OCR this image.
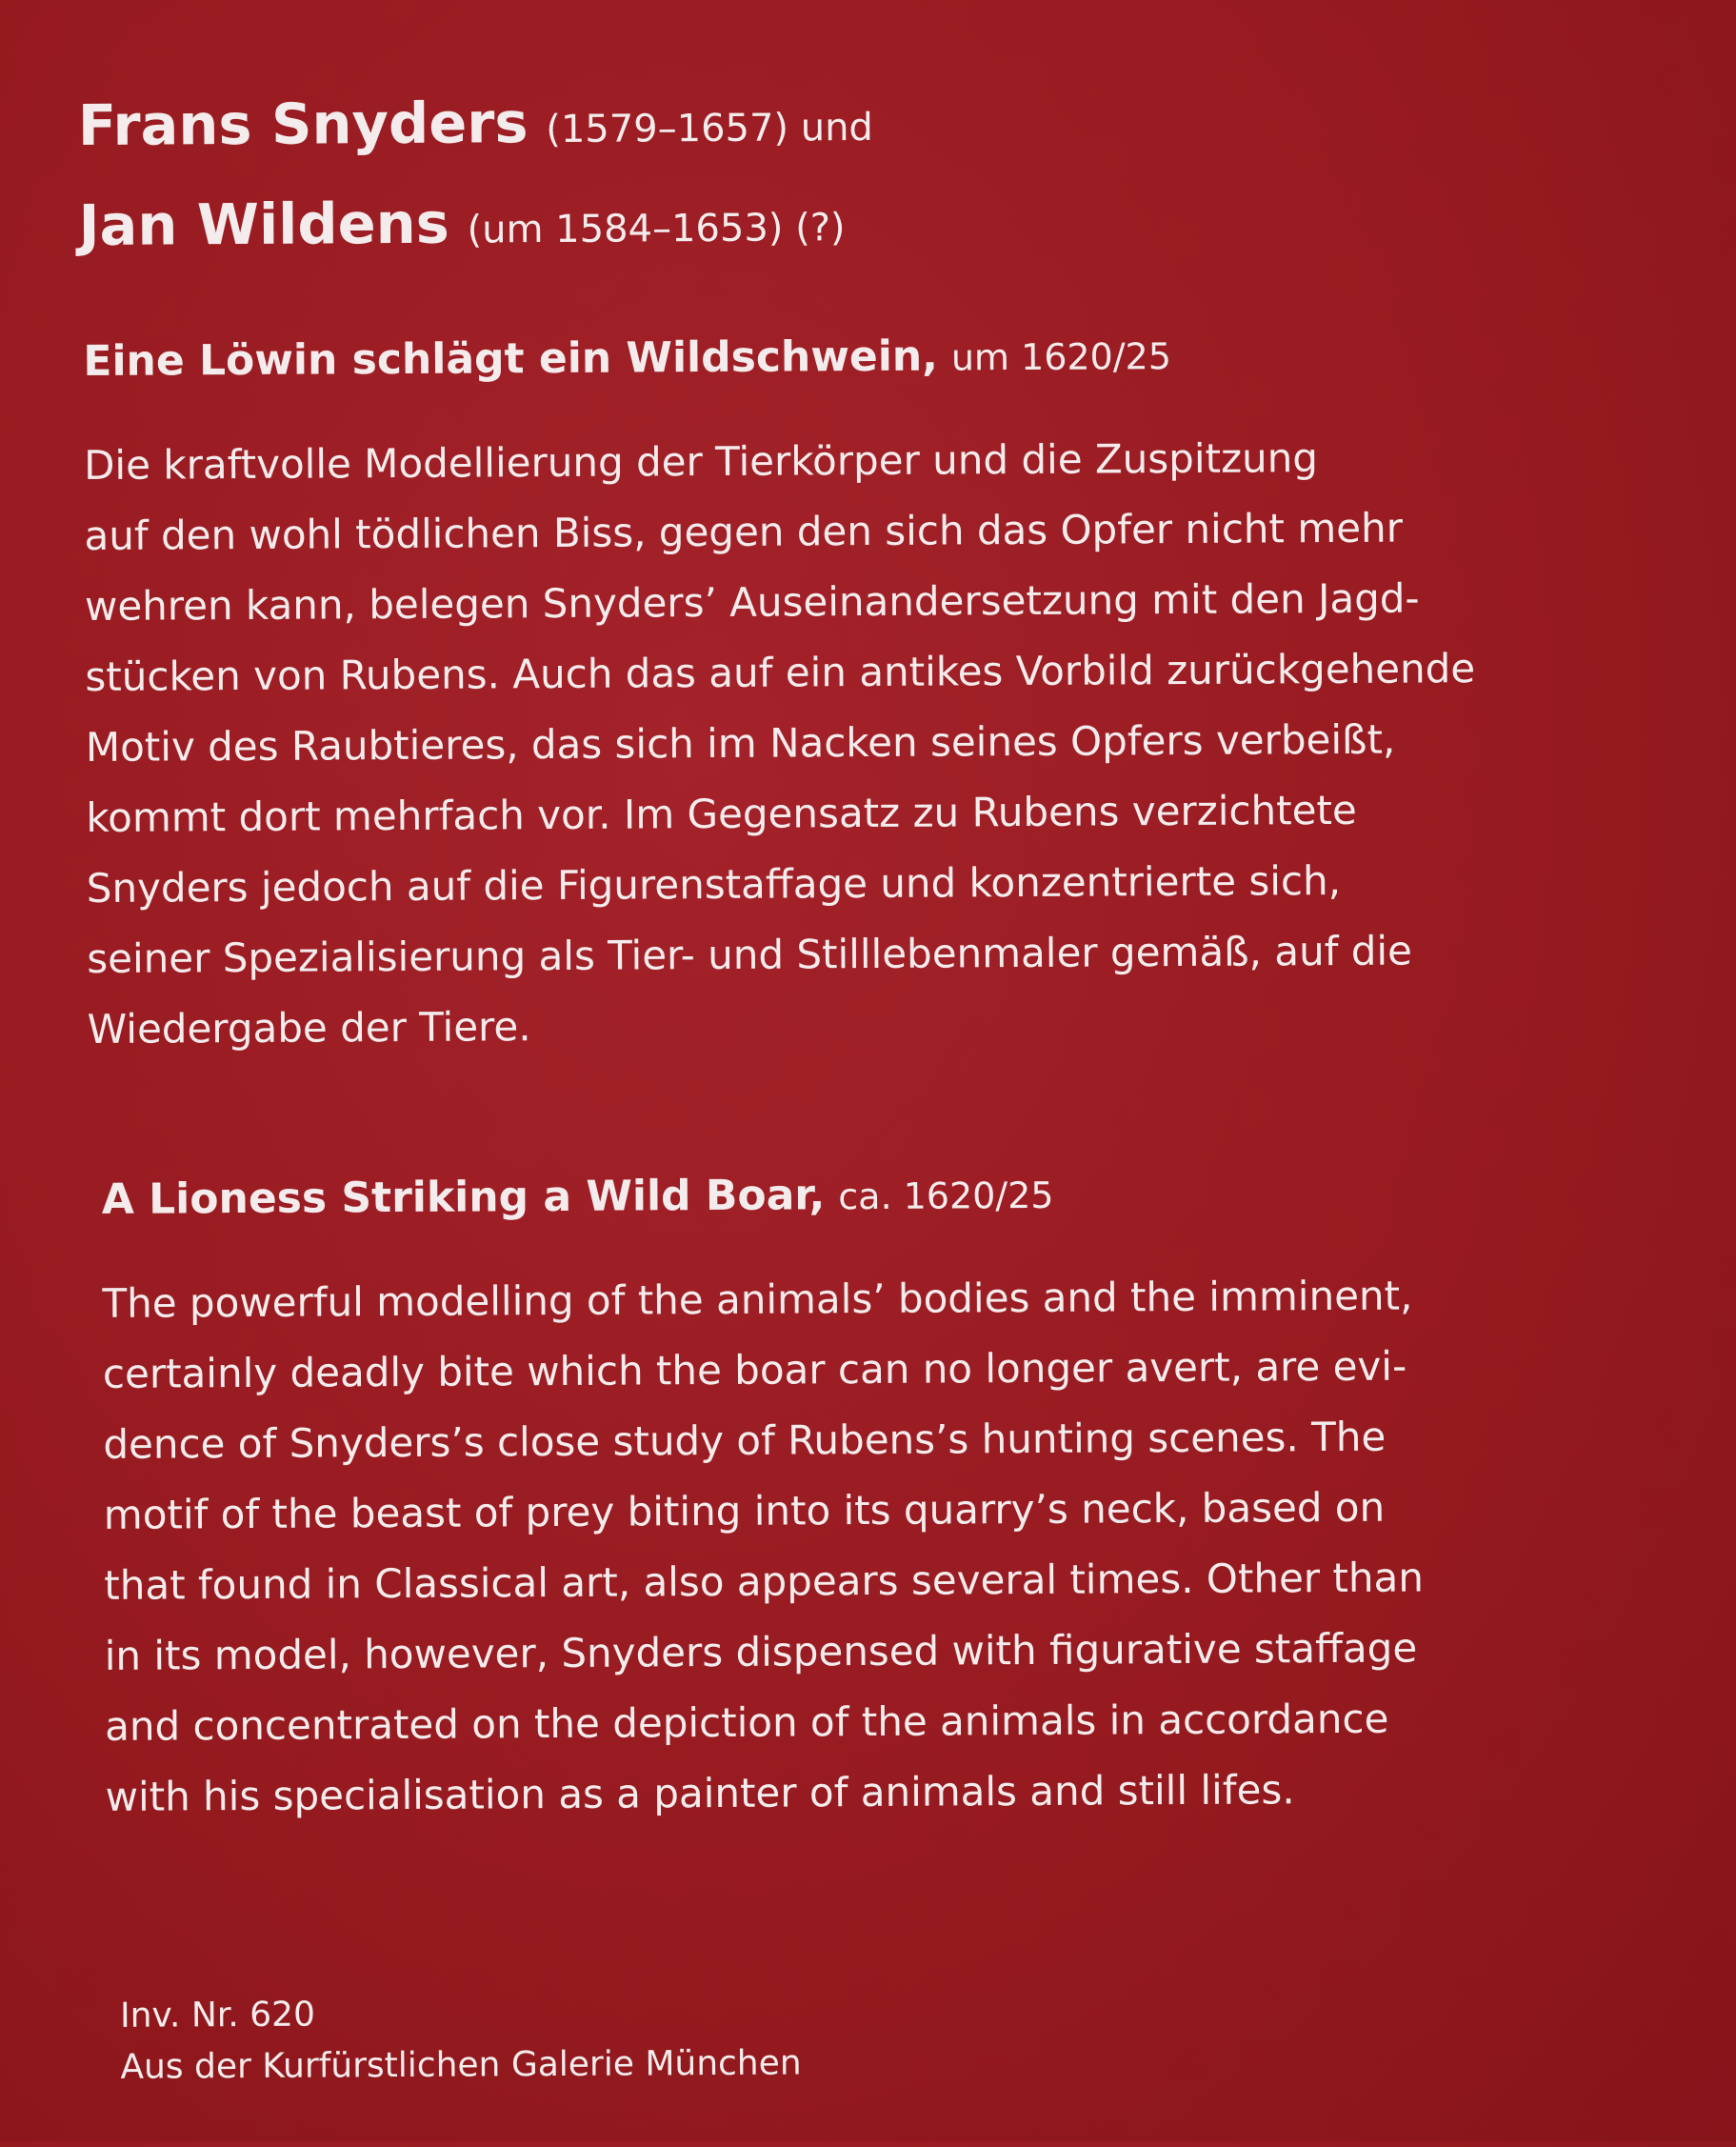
Frans Snyders (1579–1657) und
Jan Wildens (um 1584–1653) (?)
Eine Löwin schlägt ein Wildschwein, um 1620/25
Die kraftvolle Modellierung der Tierkörper und die Zuspitzung
auf den wohl tödlichen Biss, gegen den sich das Opfer nicht mehr
wehren kann, belegen Snyders’ Auseinandersetzung mit den Jagd-
stücken von Rubens. Auch das auf ein antikes Vorbild zurückgehende
Motiv des Raubtieres, das sich im Nacken seines Opfers verbeißt,
kommt dort mehrfach vor. Im Gegensatz zu Rubens verzichtete
Snyders jedoch auf die Figurenstaffage und konzentrierte sich,
seiner Spezialisierung als Tier- und Stilllebenmaler gemäß, auf die
Wiedergabe der Tiere.
A Lioness Striking a Wild Boar, ca. 1620/25
The powerful modelling of the animals’ bodies and the imminent,
certainly deadly bite which the boar can no longer avert, are evi-
dence of Snyders’s close study of Rubens’s hunting scenes. The
motif of the beast of prey biting into its quarry’s neck, based on
that found in Classical art, also appears several times. Other than
in its model, however, Snyders dispensed with figurative staffage
and concentrated on the depiction of the animals in accordance
with his specialisation as a painter of animals and still lifes.
Inv. Nr. 620
Aus der Kurfürstlichen Galerie München
